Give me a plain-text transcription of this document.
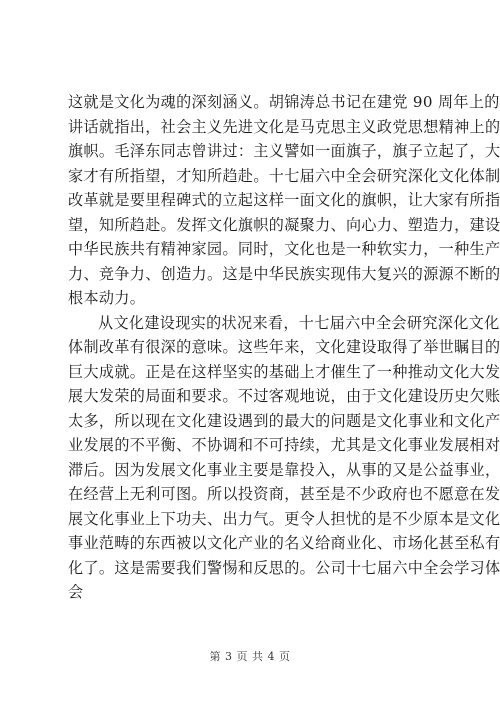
这就是文化为魂的深刻涵义。胡锦涛总书记在建党 90 周年上的
讲话就指出，社会主义先进文化是马克思主义政党思想精神上的
旗帜。毛泽东同志曾讲过：主义譬如一面旗子，旗子立起了，大
家才有所指望，才知所趋赴。十七届六中全会研究深化文化体制
改革就是要里程碑式的立起这样一面文化的旗帜，让大家有所指
望，知所趋赴。发挥文化旗帜的凝聚力、向心力、塑造力，建设
中华民族共有精神家园。同时，文化也是一种软实力，一种生产
力、竞争力、创造力。这是中华民族实现伟大复兴的源源不断的
根本动力。
从文化建设现实的状况来看，十七届六中全会研究深化文化
体制改革有很深的意味。这些年来，文化建设取得了举世瞩目的
巨大成就。正是在这样坚实的基础上才催生了一种推动文化大发
展大发荣的局面和要求。不过客观地说，由于文化建设历史欠账
太多，所以现在文化建设遇到的最大的问题是文化事业和文化产
业发展的不平衡、不协调和不可持续，尤其是文化事业发展相对
滞后。因为发展文化事业主要是靠投入，从事的又是公益事业，
在经营上无利可图。所以投资商，甚至是不少政府也不愿意在发
展文化事业上下功夫、出力气。更令人担忧的是不少原本是文化
事业范畴的东西被以文化产业的名义给商业化、市场化甚至私有
化了。这是需要我们警惕和反思的。公司十七届六中全会学习体
会
第 3 页 共 4 页
